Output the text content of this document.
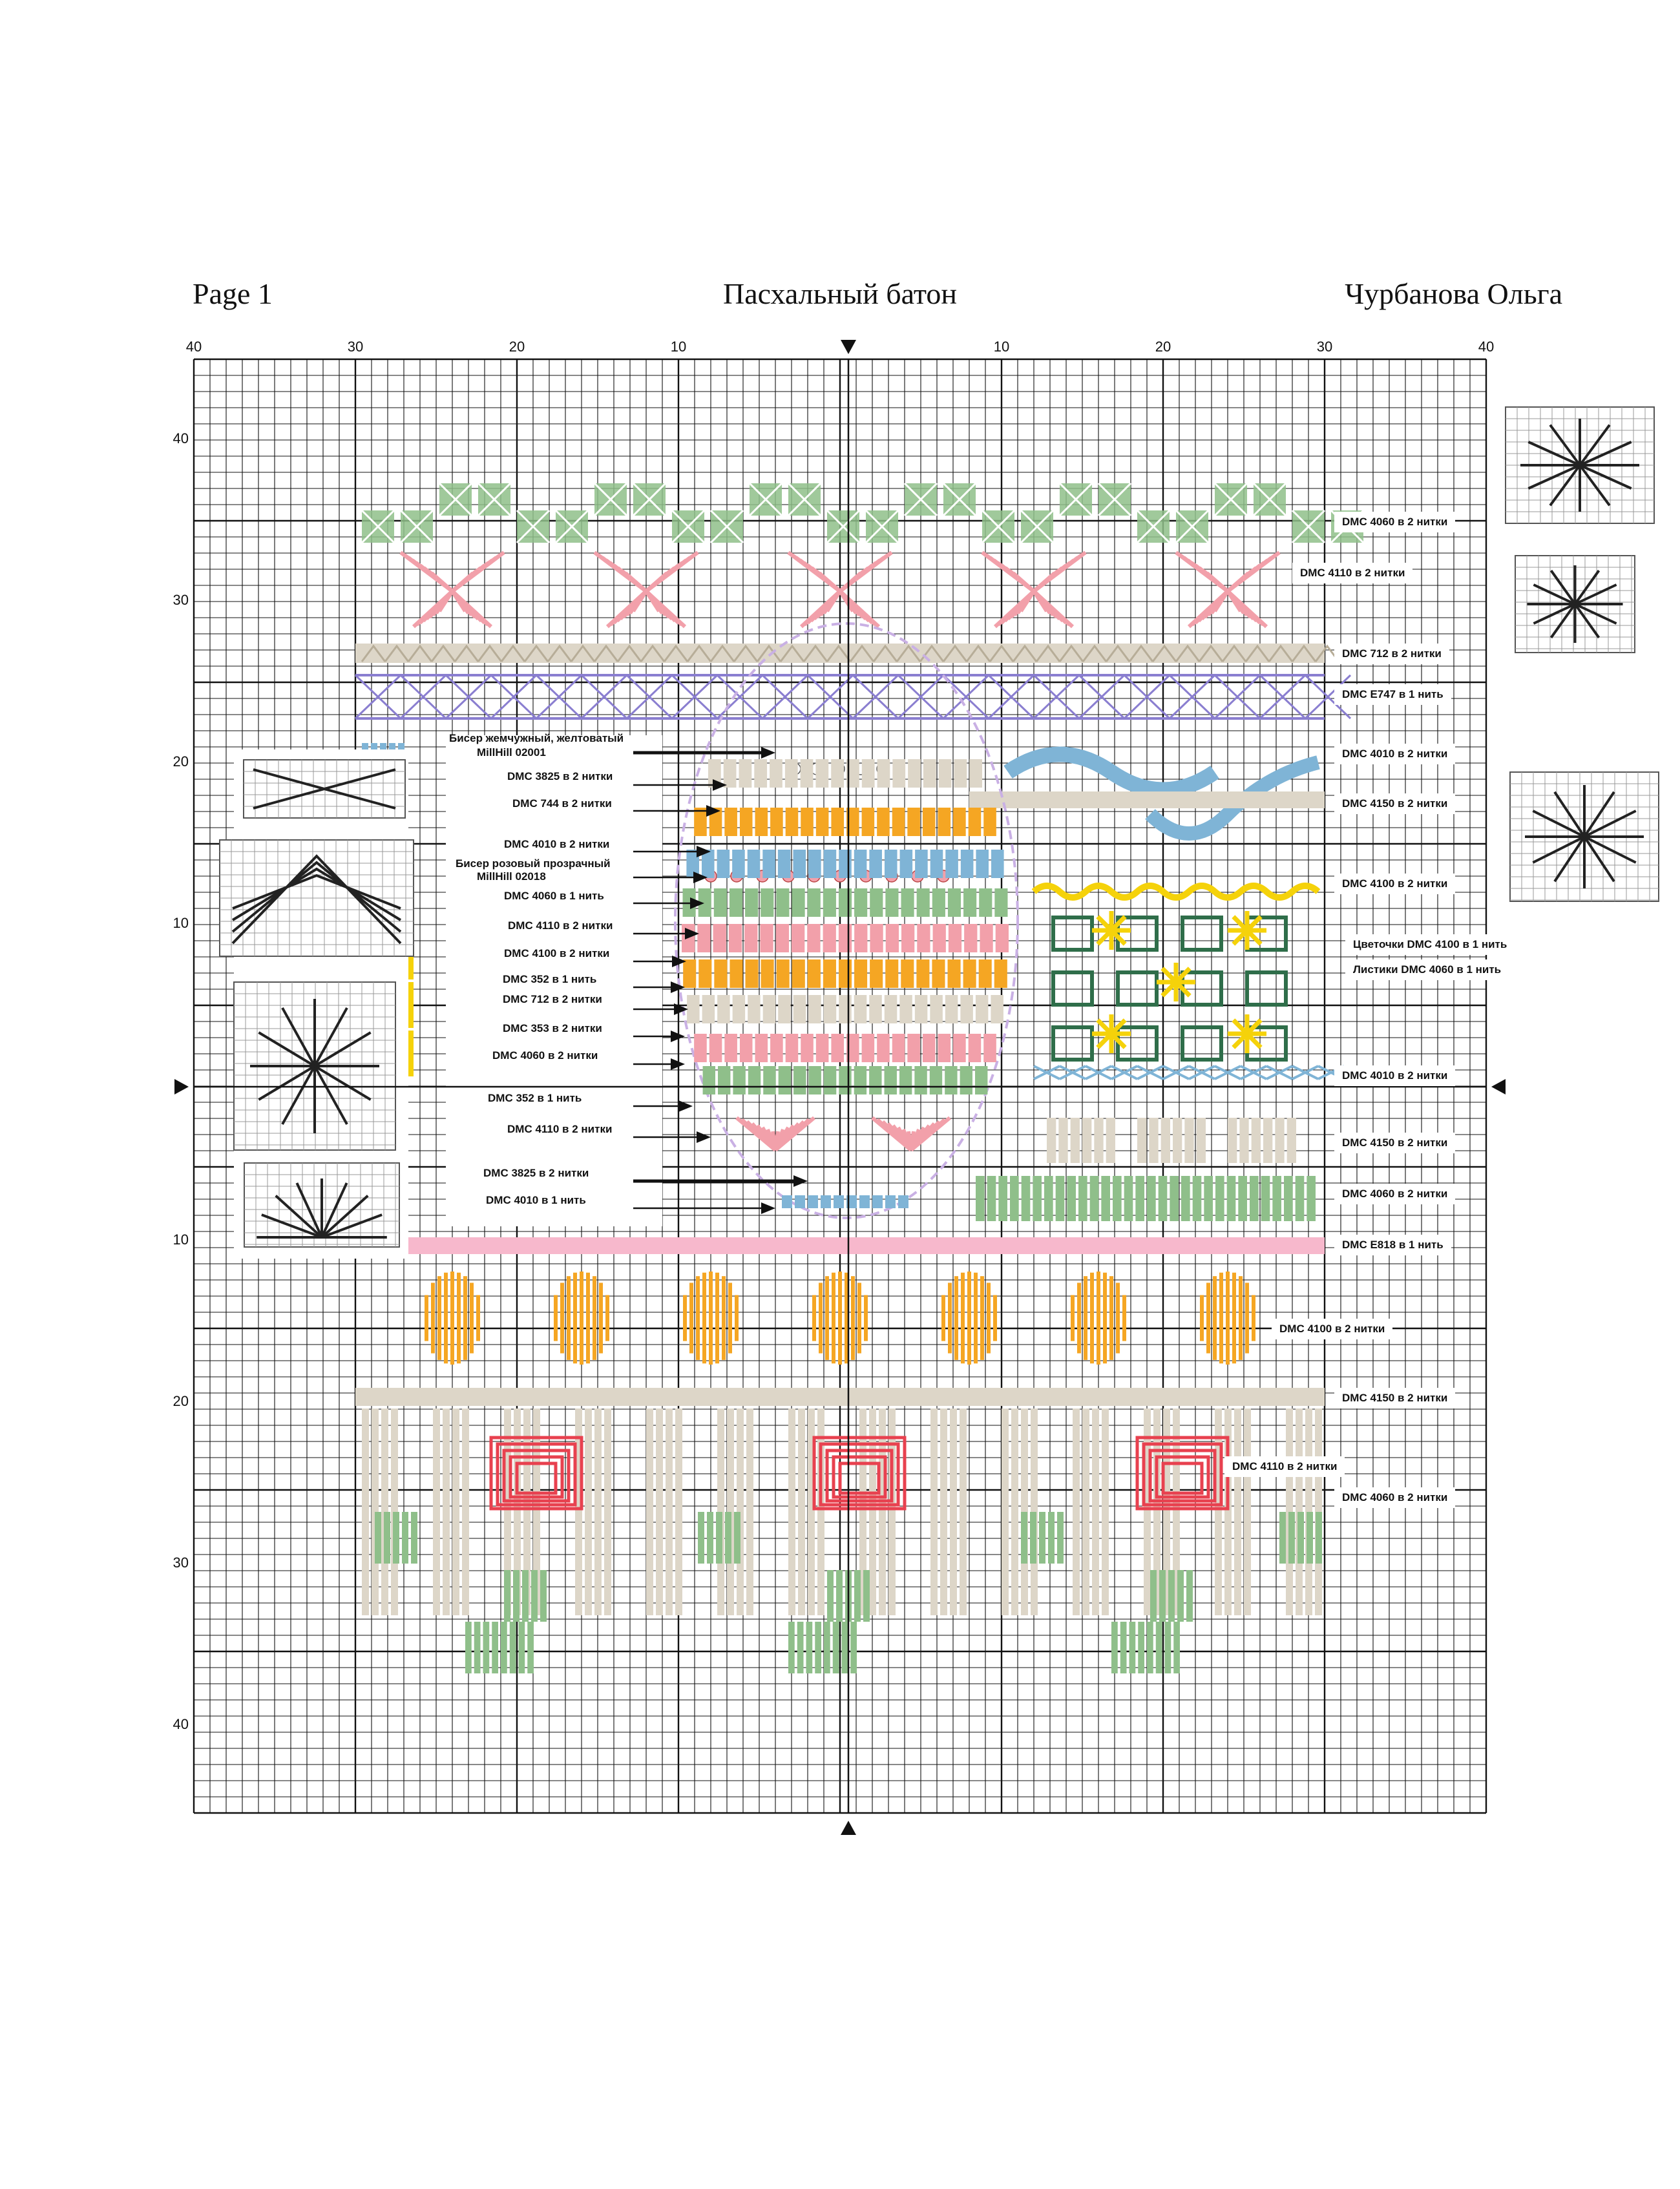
Page 1	Пасхальный батон	Чурбанова Ольга
40	30	20	10	10	20	30	40
40
30
20
10
10
20
30
40
DMC 4060 в 2 нитки
DMC 4110 в 2 нитки
DMC 712 в 2 нитки
DMC E747 в 1 нить
DMC 4010 в 2 нитки
DMC 4150 в 2 нитки
DMC 4100 в 2 нитки
Цветочки DMC 4100 в 1 нить
Листики DMC 4060 в 1 нить
DMC 4010 в 2 нитки
DMC 4150 в 2 нитки
DMC 4060 в 2 нитки
DMC E818 в 1 нить
DMC 4100 в 2 нитки
DMC 4150 в 2 нитки
DMC 4110 в 2 нитки
DMC 4060 в 2 нитки
Бисер жемчужный, желтоватый
MillHill 02001
DMC 3825 в 2 нитки
DMC 744 в 2 нитки
DMC 4010 в 2 нитки
Бисер розовый прозрачный
MillHill 02018
DMC 4060 в 1 нить
DMC 4110 в 2 нитки
DMC 4100 в 2 нитки
DMC 352 в 1 нить
DMC 712 в 2 нитки
DMC 353 в 2 нитки
DMC 4060 в 2 нитки
DMC 352 в 1 нить
DMC 4110 в 2 нитки
DMC 3825 в 2 нитки
DMC 4010 в 1 нить
